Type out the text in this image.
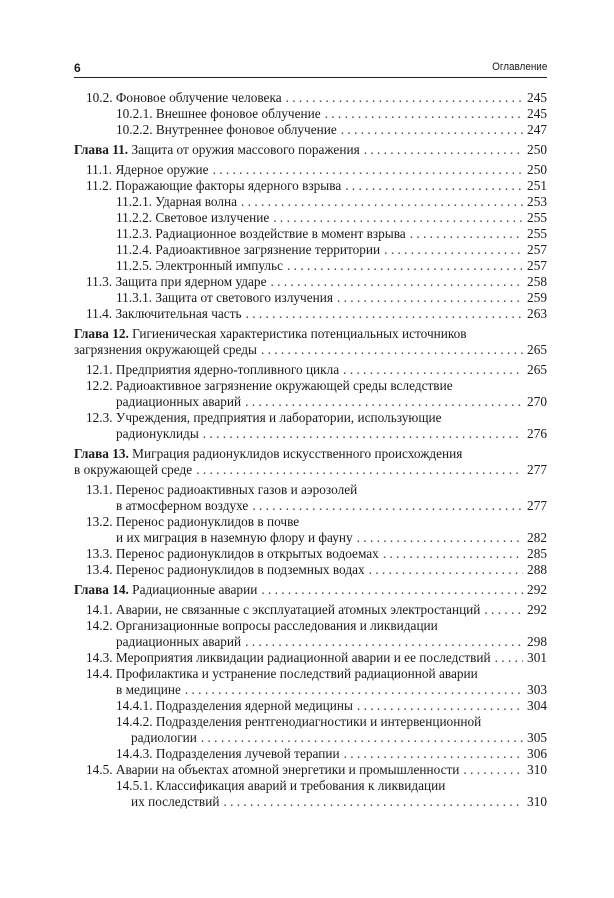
6	Оглавление
10.2. Фоновое облучение человека . . .	245
10.2.1. Внешнее фоновое облучение . . .	245
10.2.2. Внутреннее фоновое облучение . . .	247
Глава 11. Защита от оружия массового поражения . . .	250
11.1. Ядерное оружие . . .	250
11.2. Поражающие факторы ядерного взрыва . . .	251
11.2.1. Ударная волна . . .	253
11.2.2. Световое излучение . . .	255
11.2.3. Радиационное воздействие в момент взрыва . . .	255
11.2.4. Радиоактивное загрязнение территории . . .	257
11.2.5. Электронный импульс . . .	257
11.3. Защита при ядерном ударе . . .	258
11.3.1. Защита от светового излучения . . .	259
11.4. Заключительная часть . . .	263
Глава 12. Гигиеническая характеристика потенциальных источников
загрязнения окружающей среды . . .	265
12.1. Предприятия ядерно-топливного цикла . . .	265
12.2. Радиоактивное загрязнение окружающей среды вследствие
радиационных аварий . . .	270
12.3. Учреждения, предприятия и лаборатории, использующие
радионуклиды . . .	276
Глава 13. Миграция радионуклидов искусственного происхождения
в окружающей среде . . .	277
13.1. Перенос радиоактивных газов и аэрозолей
в атмосферном воздухе . . .	277
13.2. Перенос радионуклидов в почве
и их миграция в наземную флору и фауну . . .	282
13.3. Перенос радионуклидов в открытых водоемах . . .	285
13.4. Перенос радионуклидов в подземных водах . . .	288
Глава 14. Радиационные аварии . . .	292
14.1. Аварии, не связанные с эксплуатацией атомных электростанций . . .	292
14.2. Организационные вопросы расследования и ликвидации
радиационных аварий . . .	298
14.3. Мероприятия ликвидации радиационной аварии и ее последствий . . .	301
14.4. Профилактика и устранение последствий радиационной аварии
в медицине . . .	303
14.4.1. Подразделения ядерной медицины . . .	304
14.4.2. Подразделения рентгенодиагностики и интервенционной
радиологии . . .	305
14.4.3. Подразделения лучевой терапии . . .	306
14.5. Аварии на объектах атомной энергетики и промышленности . . .	310
14.5.1. Классификация аварий и требования к ликвидации
их последствий . . .	310
